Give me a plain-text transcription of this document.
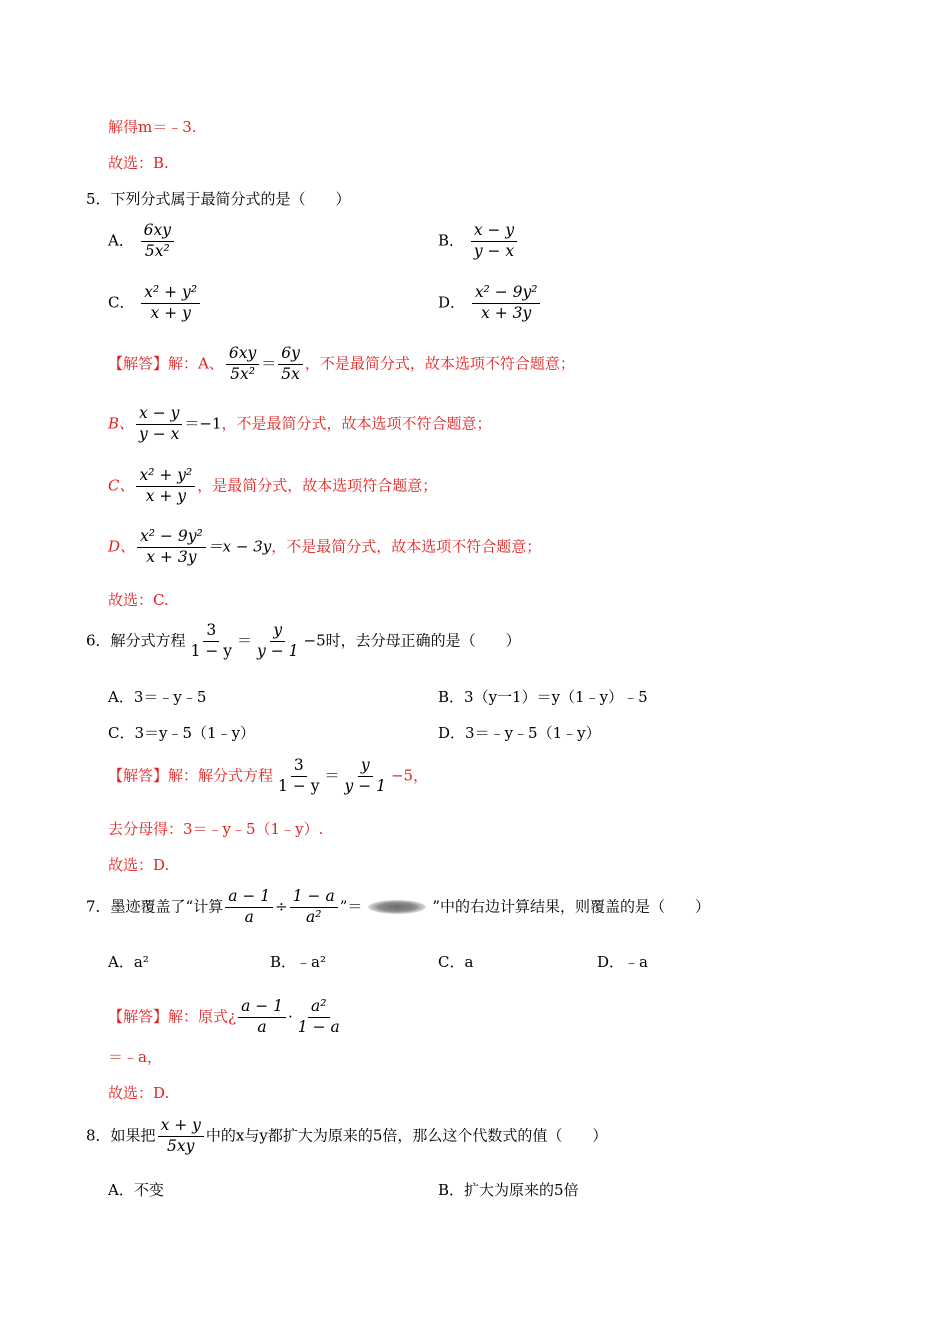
解得m＝﹣3.
故选：B.
5．下列分式属于最简分式的是（　　）
A． $\frac{6xy}{\text{5x²}}$	B． $\frac{x - y}{y - x}$
C． $\frac{\text{x² + y²}}{x + y}$	D． $\frac{\text{x² − 9y²}}{x + 3y}$
【解答】解：A、 $\frac{6xy}{\text{5x²}} = \frac{6y}{5x}$ ，不是最简分式，故本选项不符合题意；
B、 $\frac{x - y}{y - x} =-1$，不是最简分式，故本选项不符合题意；
C、 $\frac{\text{x² + y²}}{x + y}$ ，是最简分式，故本选项符合题意；
D、 $\frac{\text{x² − 9y²}}{x + 3y} =x - 3y$，不是最简分式，故本选项不符合题意；
故选：C.
6．解分式方程 $\frac{3}{1 - y} = \frac{y}{y - 1} -5$时，去分母正确的是（　　）
A．3＝﹣y﹣5	B．3（y一1）＝y（1﹣y）﹣5
C．3＝y﹣5（1﹣y）	D．3＝﹣y﹣5（1﹣y）
【解答】解：解分式方程 $\frac{3}{1 - y} = \frac{y}{y - 1} -5$，
去分母得：3＝﹣y﹣5（1﹣y）.
故选：D.
7．墨迹覆盖了“计算 $\frac{a - 1}{a} \div \frac{1 - a}{\text{a²}}$ ”＝	”中的右边计算结果，则覆盖的是（　　）
A．a²	B．﹣a²	C．a	D．﹣a
【解答】解：原式¿ $\frac{a - 1}{a} \cdot \frac{\text{a²}}{1 - a}$
＝﹣a，
故选：D.
8．如果把 $\frac{x + y}{5xy}$ 中的x与y都扩大为原来的5倍，那么这个代数式的值（　　）
A．不变	B．扩大为原来的5倍
